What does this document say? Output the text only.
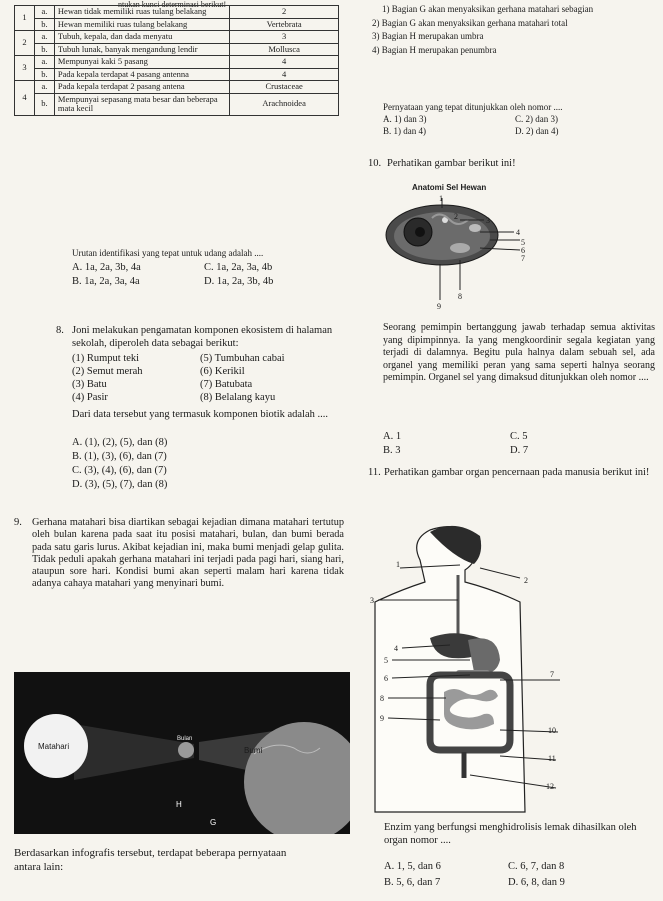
ntukan kunci determinasi berikut!
1	a.	Hewan tidak memiliki ruas tulang belakang	2
	b.	Hewan memiliki ruas tulang belakang	Vertebrata
2	a.	Tubuh, kepala, dan dada menyatu	3
	b.	Tubuh lunak, banyak mengandung lendir	Mollusca
3	a.	Mempunyai kaki 5 pasang	4
	b.	Pada kepala terdapat 4 pasang antenna	4
4	a.	Pada kepala terdapat 2 pasang antena	Crustaceae
	b.	Mempunyai sepasang mata besar dan beberapa mata kecil	Arachnoidea
Urutan identifikasi yang tepat untuk udang adalah ....
A. 1a, 2a, 3b, 4a
B. 1a, 2a, 3a, 4a
C. 1a, 2a, 3a, 4b
D. 1a, 2a, 3b, 4b
1) Bagian G akan menyaksikan gerhana matahari sebagian
2) Bagian G akan menyaksikan gerhana matahari total
3) Bagian H merupakan umbra
4) Bagian H merupakan penumbra
Pernyataan yang tepat ditunjukkan oleh nomor ....
A. 1) dan 3)
B. 1) dan 4)
C. 2) dan 3)
D. 2) dan 4)
10. Perhatikan gambar berikut ini!
Anatomi Sel Hewan
1
2	3
4
5
6
7
8
9
Seorang pemimpin bertanggung jawab terhadap semua aktivitas yang dipimpinnya. Ia yang mengkoordinir segala kegiatan yang terjadi di dalamnya. Begitu pula halnya dalam sebuah sel, ada organel yang memiliki peran yang sama seperti halnya seorang pemimpin. Organel sel yang dimaksud ditunjukkan oleh nomor ....
A. 1
B. 3
C. 5
D. 7
8. Joni melakukan pengamatan komponen ekosistem di halaman sekolah, diperoleh data sebagai berikut:
(1) Rumput teki
(2) Semut merah
(3) Batu
(4) Pasir
(5) Tumbuhan cabai
(6) Kerikil
(7) Batubata
(8) Belalang kayu
Dari data tersebut yang termasuk komponen biotik adalah ....
A. (1), (2), (5), dan (8)
B. (1), (3), (6), dan (7)
C. (3), (4), (6), dan (7)
D. (3), (5), (7), dan (8)
11. Perhatikan gambar organ pencernaan pada manusia berikut ini!
1
2
3
4
5
6	7
8
9
10
11
12
Enzim yang berfungsi menghidrolisis lemak dihasilkan oleh organ nomor ....
A. 1, 5, dan 6
B. 5, 6, dan 7
C. 6, 7, dan 8
D. 6, 8, dan 9
9. Gerhana matahari bisa diartikan sebagai kejadian dimana matahari tertutup oleh bulan karena pada saat itu posisi matahari, bulan, dan bumi berada pada satu garis lurus. Akibat kejadian ini, maka bumi menjadi gelap gulita. Tidak peduli apakah gerhana matahari ini terjadi pada pagi hari, siang hari, ataupun sore hari. Kondisi bumi akan seperti malam hari karena tidak adanya cahaya matahari yang menyinari bumi.
Matahari
Bulan
Bumi
H
G
Berdasarkan infografis tersebut, terdapat beberapa pernyataan antara lain:
